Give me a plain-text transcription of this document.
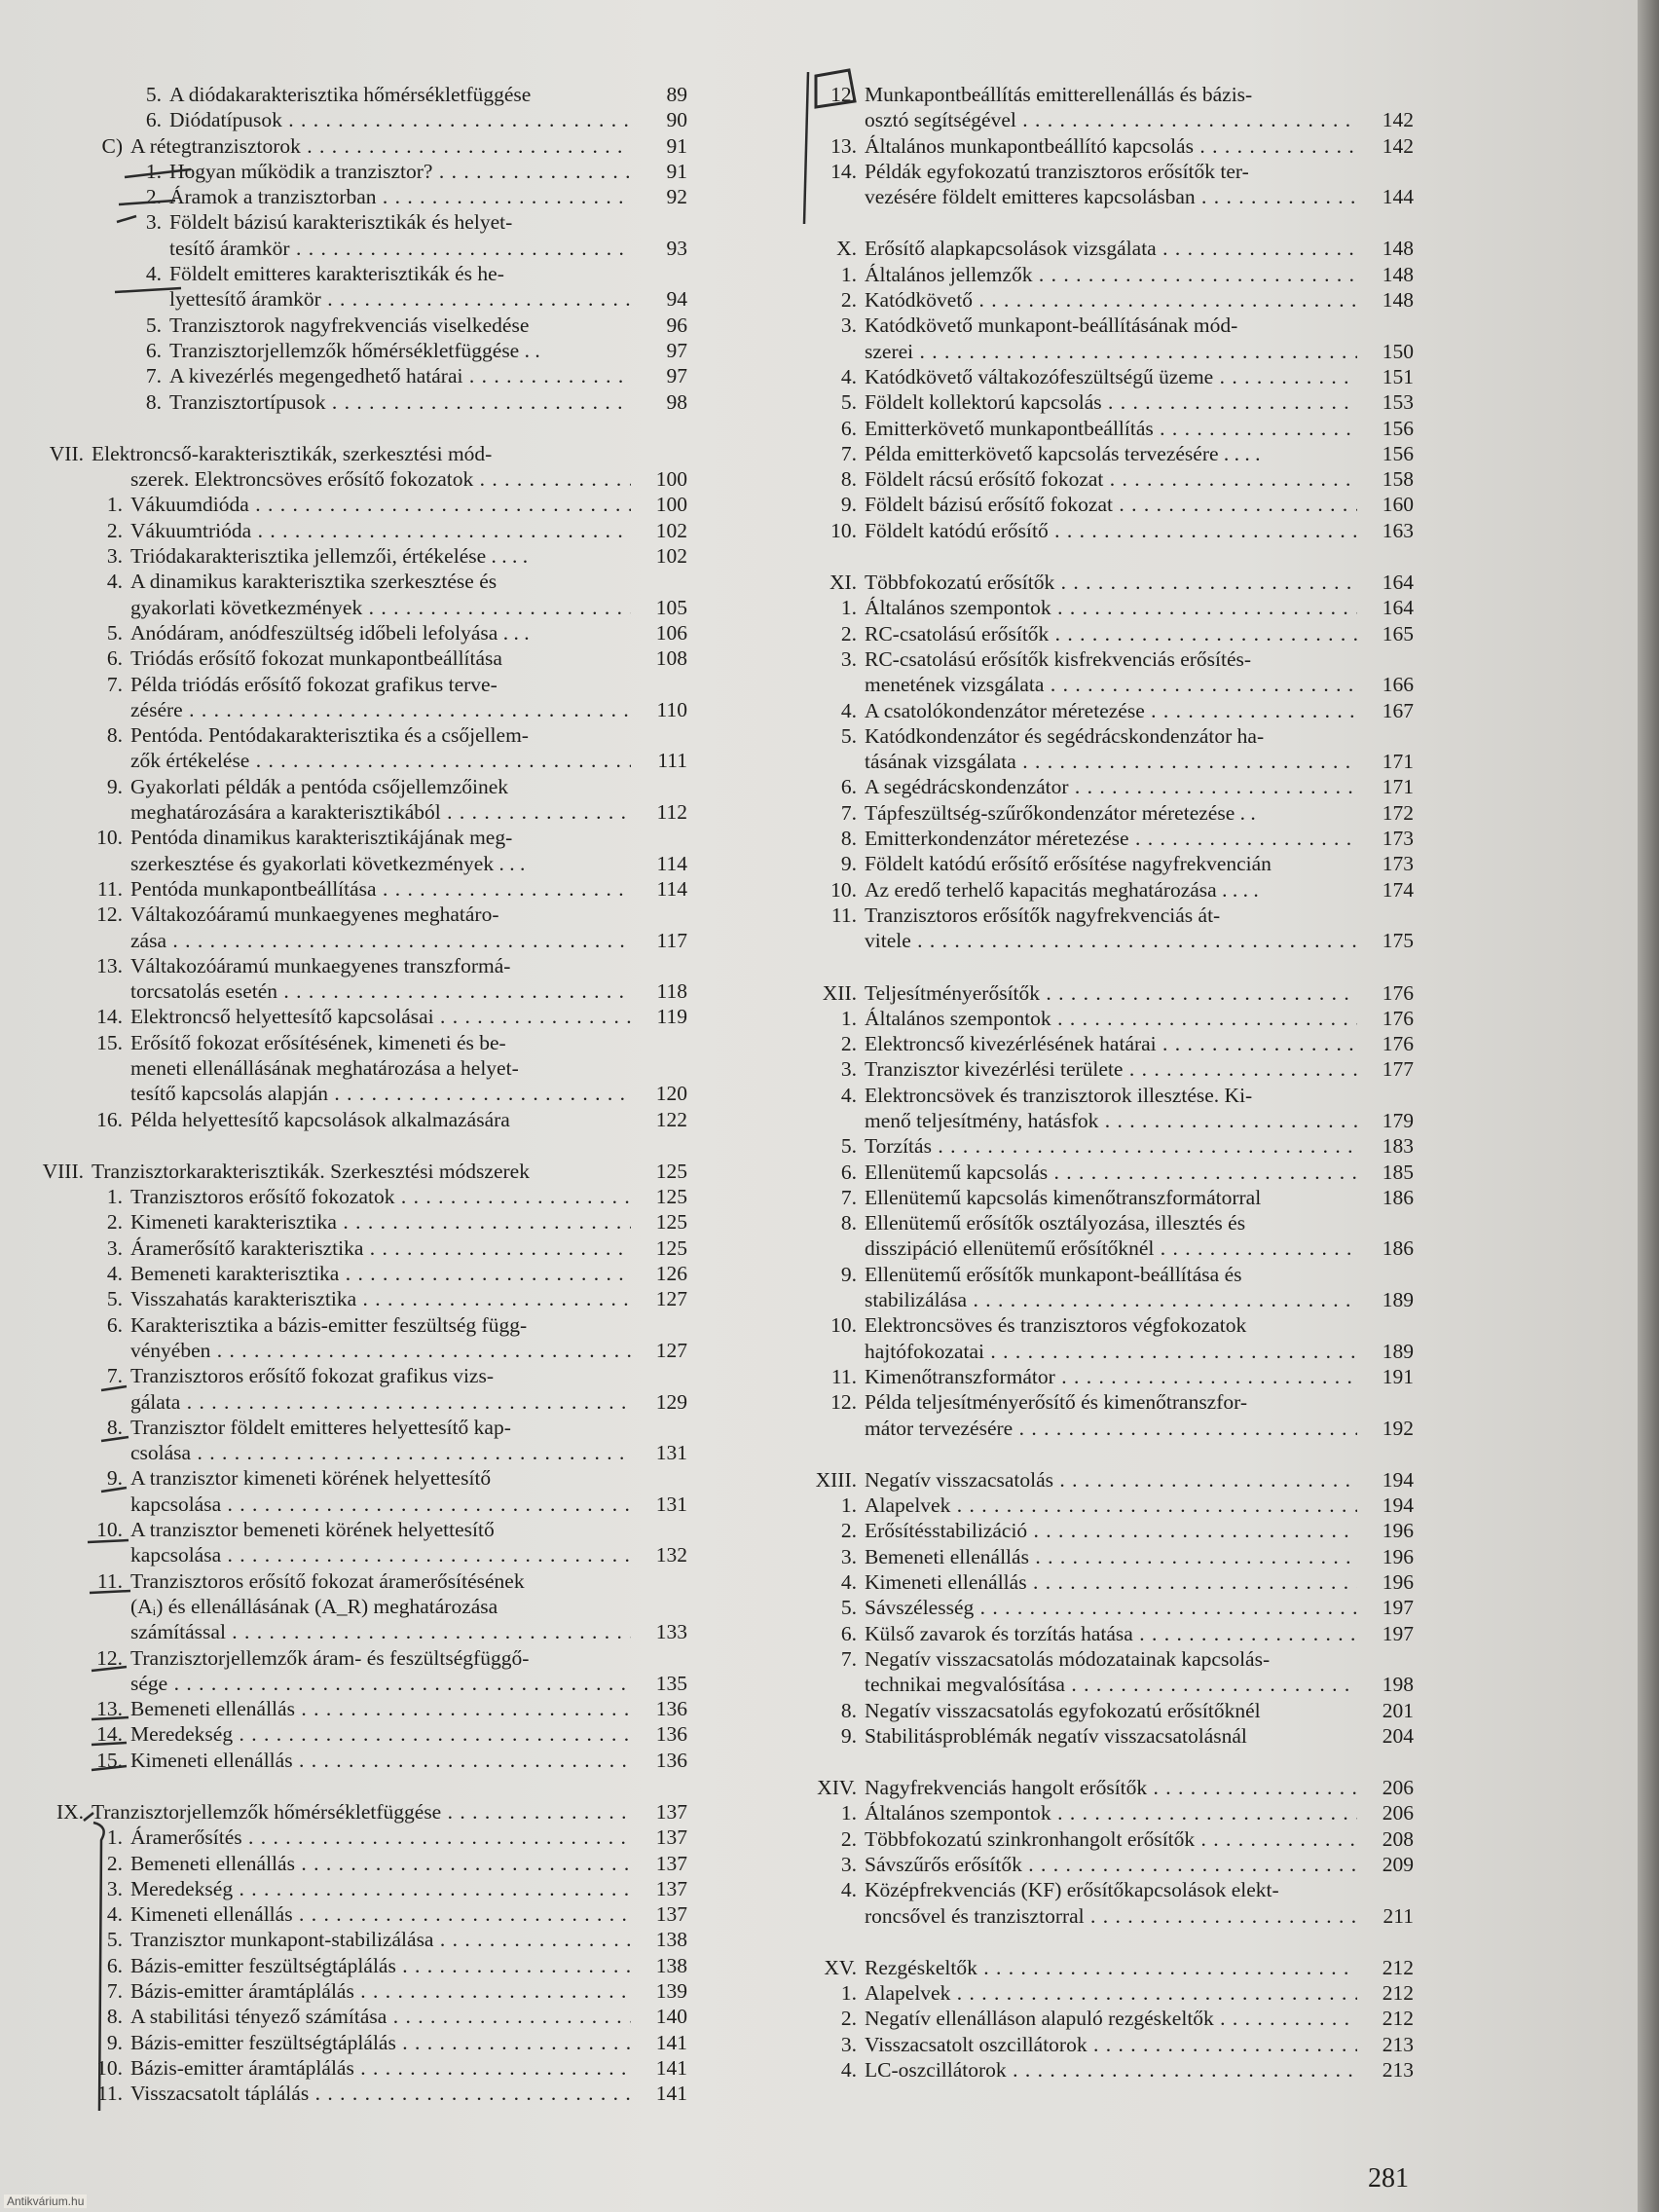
5. A diódakarakterisztika hőmérsékletfüggése	89
6. Diódatípusok . . .	90
C) A rétegtranzisztorok . . .	91
1. Hogyan működik a tranzisztor? . . .	91
2. Áramok a tranzisztorban . . .	92
3. Földelt bázisú karakterisztikák és helyet-
tesítő áramkör . . .	93
4. Földelt emitteres karakterisztikák és he-
lyettesítő áramkör . . .	94
5. Tranzisztorok nagyfrekvenciás viselkedése	96
6. Tranzisztorjellemzők hőmérsékletfüggése . .	97
7. A kivezérlés megengedhető határai . . .	97
8. Tranzisztortípusok . . .	98
VII. Elektroncső-karakterisztikák, szerkesztési mód-
szerek. Elektroncsöves erősítő fokozatok . . .	100
1. Vákuumdióda . . .	100
2. Vákuumtrióda . . .	102
3. Triódakarakterisztika jellemzői, értékelése . . . .	102
4. A dinamikus karakterisztika szerkesztése és
gyakorlati következmények . . .	105
5. Anódáram, anódfeszültség időbeli lefolyása . . .	106
6. Triódás erősítő fokozat munkapontbeállítása	108
7. Példa triódás erősítő fokozat grafikus terve-
zésére . . .	110
8. Pentóda. Pentódakarakterisztika és a csőjellem-
zők értékelése . . .	111
9. Gyakorlati példák a pentóda csőjellemzőinek
meghatározására a karakterisztikából . . .	112
10. Pentóda dinamikus karakterisztikájának meg-
szerkesztése és gyakorlati következmények . . .	114
11. Pentóda munkapontbeállítása . . .	114
12. Váltakozóáramú munkaegyenes meghatáro-
zása . . .	117
13. Váltakozóáramú munkaegyenes transzformá-
torcsatolás esetén . . .	118
14. Elektroncső helyettesítő kapcsolásai . . .	119
15. Erősítő fokozat erősítésének, kimeneti és be-
meneti ellenállásának meghatározása a helyet-
tesítő kapcsolás alapján . . .	120
16. Példa helyettesítő kapcsolások alkalmazására	122
VIII. Tranzisztorkarakterisztikák. Szerkesztési módszerek	125
1. Tranzisztoros erősítő fokozatok . . .	125
2. Kimeneti karakterisztika . . .	125
3. Áramerősítő karakterisztika . . .	125
4. Bemeneti karakterisztika . . .	126
5. Visszahatás karakterisztika . . .	127
6. Karakterisztika a bázis-emitter feszültség függ-
vényében . . .	127
7. Tranzisztoros erősítő fokozat grafikus vizs-
gálata . . .	129
8. Tranzisztor földelt emitteres helyettesítő kap-
csolása . . .	131
9. A tranzisztor kimeneti körének helyettesítő
kapcsolása . . .	131
10. A tranzisztor bemeneti körének helyettesítő
kapcsolása . . .	132
11. Tranzisztoros erősítő fokozat áramerősítésének
(Aᵢ) és ellenállásának (A_R) meghatározása
számítással . . .	133
12. Tranzisztorjellemzők áram- és feszültségfüggő-
sége . . .	135
13. Bemeneti ellenállás . . .	136
14. Meredekség . . .	136
15. Kimeneti ellenállás . . .	136
IX. Tranzisztorjellemzők hőmérsékletfüggése . . .	137
1. Áramerősítés . . .	137
2. Bemeneti ellenállás . . .	137
3. Meredekség . . .	137
4. Kimeneti ellenállás . . .	137
5. Tranzisztor munkapont-stabilizálása . . .	138
6. Bázis-emitter feszültségtáplálás . . .	138
7. Bázis-emitter áramtáplálás . . .	139
8. A stabilitási tényező számítása . . .	140
9. Bázis-emitter feszültségtáplálás . . .	141
10. Bázis-emitter áramtáplálás . . .	141
11. Visszacsatolt táplálás . . .	141
12. Munkapontbeállítás emitterellenállás és bázis-
osztó segítségével . . .	142
13. Általános munkapontbeállító kapcsolás . . .	142
14. Példák egyfokozatú tranzisztoros erősítők ter-
vezésére földelt emitteres kapcsolásban . . .	144
X. Erősítő alapkapcsolások vizsgálata . . .	148
1. Általános jellemzők . . .	148
2. Katódkövető . . .	148
3. Katódkövető munkapont-beállításának mód-
szerei . . .	150
4. Katódkövető váltakozófeszültségű üzeme . . .	151
5. Földelt kollektorú kapcsolás . . .	153
6. Emitterkövető munkapontbeállítás . . .	156
7. Példa emitterkövető kapcsolás tervezésére . . . .	156
8. Földelt rácsú erősítő fokozat . . .	158
9. Földelt bázisú erősítő fokozat . . .	160
10. Földelt katódú erősítő . . .	163
XI. Többfokozatú erősítők . . .	164
1. Általános szempontok . . .	164
2. RC-csatolású erősítők . . .	165
3. RC-csatolású erősítők kisfrekvenciás erősítés-
menetének vizsgálata . . .	166
4. A csatolókondenzátor méretezése . . .	167
5. Katódkondenzátor és segédrácskondenzátor ha-
tásának vizsgálata . . .	171
6. A segédrácskondenzátor . . .	171
7. Tápfeszültség-szűrőkondenzátor méretezése . .	172
8. Emitterkondenzátor méretezése . . .	173
9. Földelt katódú erősítő erősítése nagyfrekvencián	173
10. Az eredő terhelő kapacitás meghatározása . . . .	174
11. Tranzisztoros erősítők nagyfrekvenciás át-
vitele . . .	175
XII. Teljesítményerősítők . . .	176
1. Általános szempontok . . .	176
2. Elektroncső kivezérlésének határai . . .	176
3. Tranzisztor kivezérlési területe . . .	177
4. Elektroncsövek és tranzisztorok illesztése. Ki-
menő teljesítmény, hatásfok . . .	179
5. Torzítás . . .	183
6. Ellenütemű kapcsolás . . .	185
7. Ellenütemű kapcsolás kimenőtranszformátorral	186
8. Ellenütemű erősítők osztályozása, illesztés és
disszipáció ellenütemű erősítőknél . . .	186
9. Ellenütemű erősítők munkapont-beállítása és
stabilizálása . . .	189
10. Elektroncsöves és tranzisztoros végfokozatok
hajtófokozatai . . .	189
11. Kimenőtranszformátor . . .	191
12. Példa teljesítményerősítő és kimenőtranszfor-
mátor tervezésére . . .	192
XIII. Negatív visszacsatolás . . .	194
1. Alapelvek . . .	194
2. Erősítésstabilizáció . . .	196
3. Bemeneti ellenállás . . .	196
4. Kimeneti ellenállás . . .	196
5. Sávszélesség . . .	197
6. Külső zavarok és torzítás hatása . . .	197
7. Negatív visszacsatolás módozatainak kapcsolás-
technikai megvalósítása . . .	198
8. Negatív visszacsatolás egyfokozatú erősítőknél	201
9. Stabilitásproblémák negatív visszacsatolásnál	204
XIV. Nagyfrekvenciás hangolt erősítők . . .	206
1. Általános szempontok . . .	206
2. Többfokozatú szinkronhangolt erősítők . . .	208
3. Sávszűrős erősítők . . .	209
4. Középfrekvenciás (KF) erősítőkapcsolások elekt-
roncsővel és tranzisztorral . . .	211
XV. Rezgéskeltők . . .	212
1. Alapelvek . . .	212
2. Negatív ellenálláson alapuló rezgéskeltők . . .	212
3. Visszacsatolt oszcillátorok . . .	213
4. LC-oszcillátorok . . .	213
281
Antikvárium.hu
